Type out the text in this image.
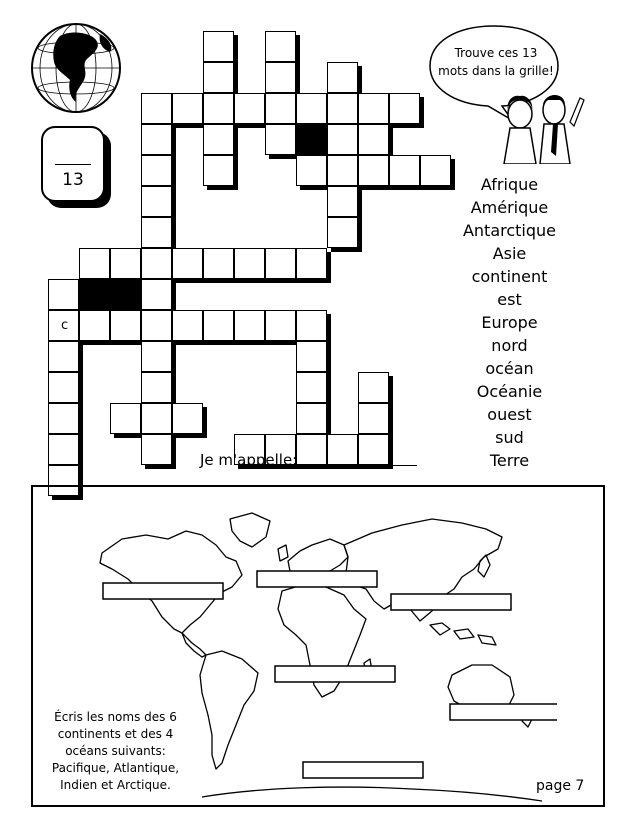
13
c
Trouve ces 13 mots dans la grille!
Afrique
Amérique
Antarctique
Asie
continent
est
Europe
nord
océan
Océanie
ouest
sud
Terre
Je m'appelle:
Écris les noms des 6 continents et des 4 océans suivants: Pacifique, Atlantique, Indien et Arctique.	page 7
